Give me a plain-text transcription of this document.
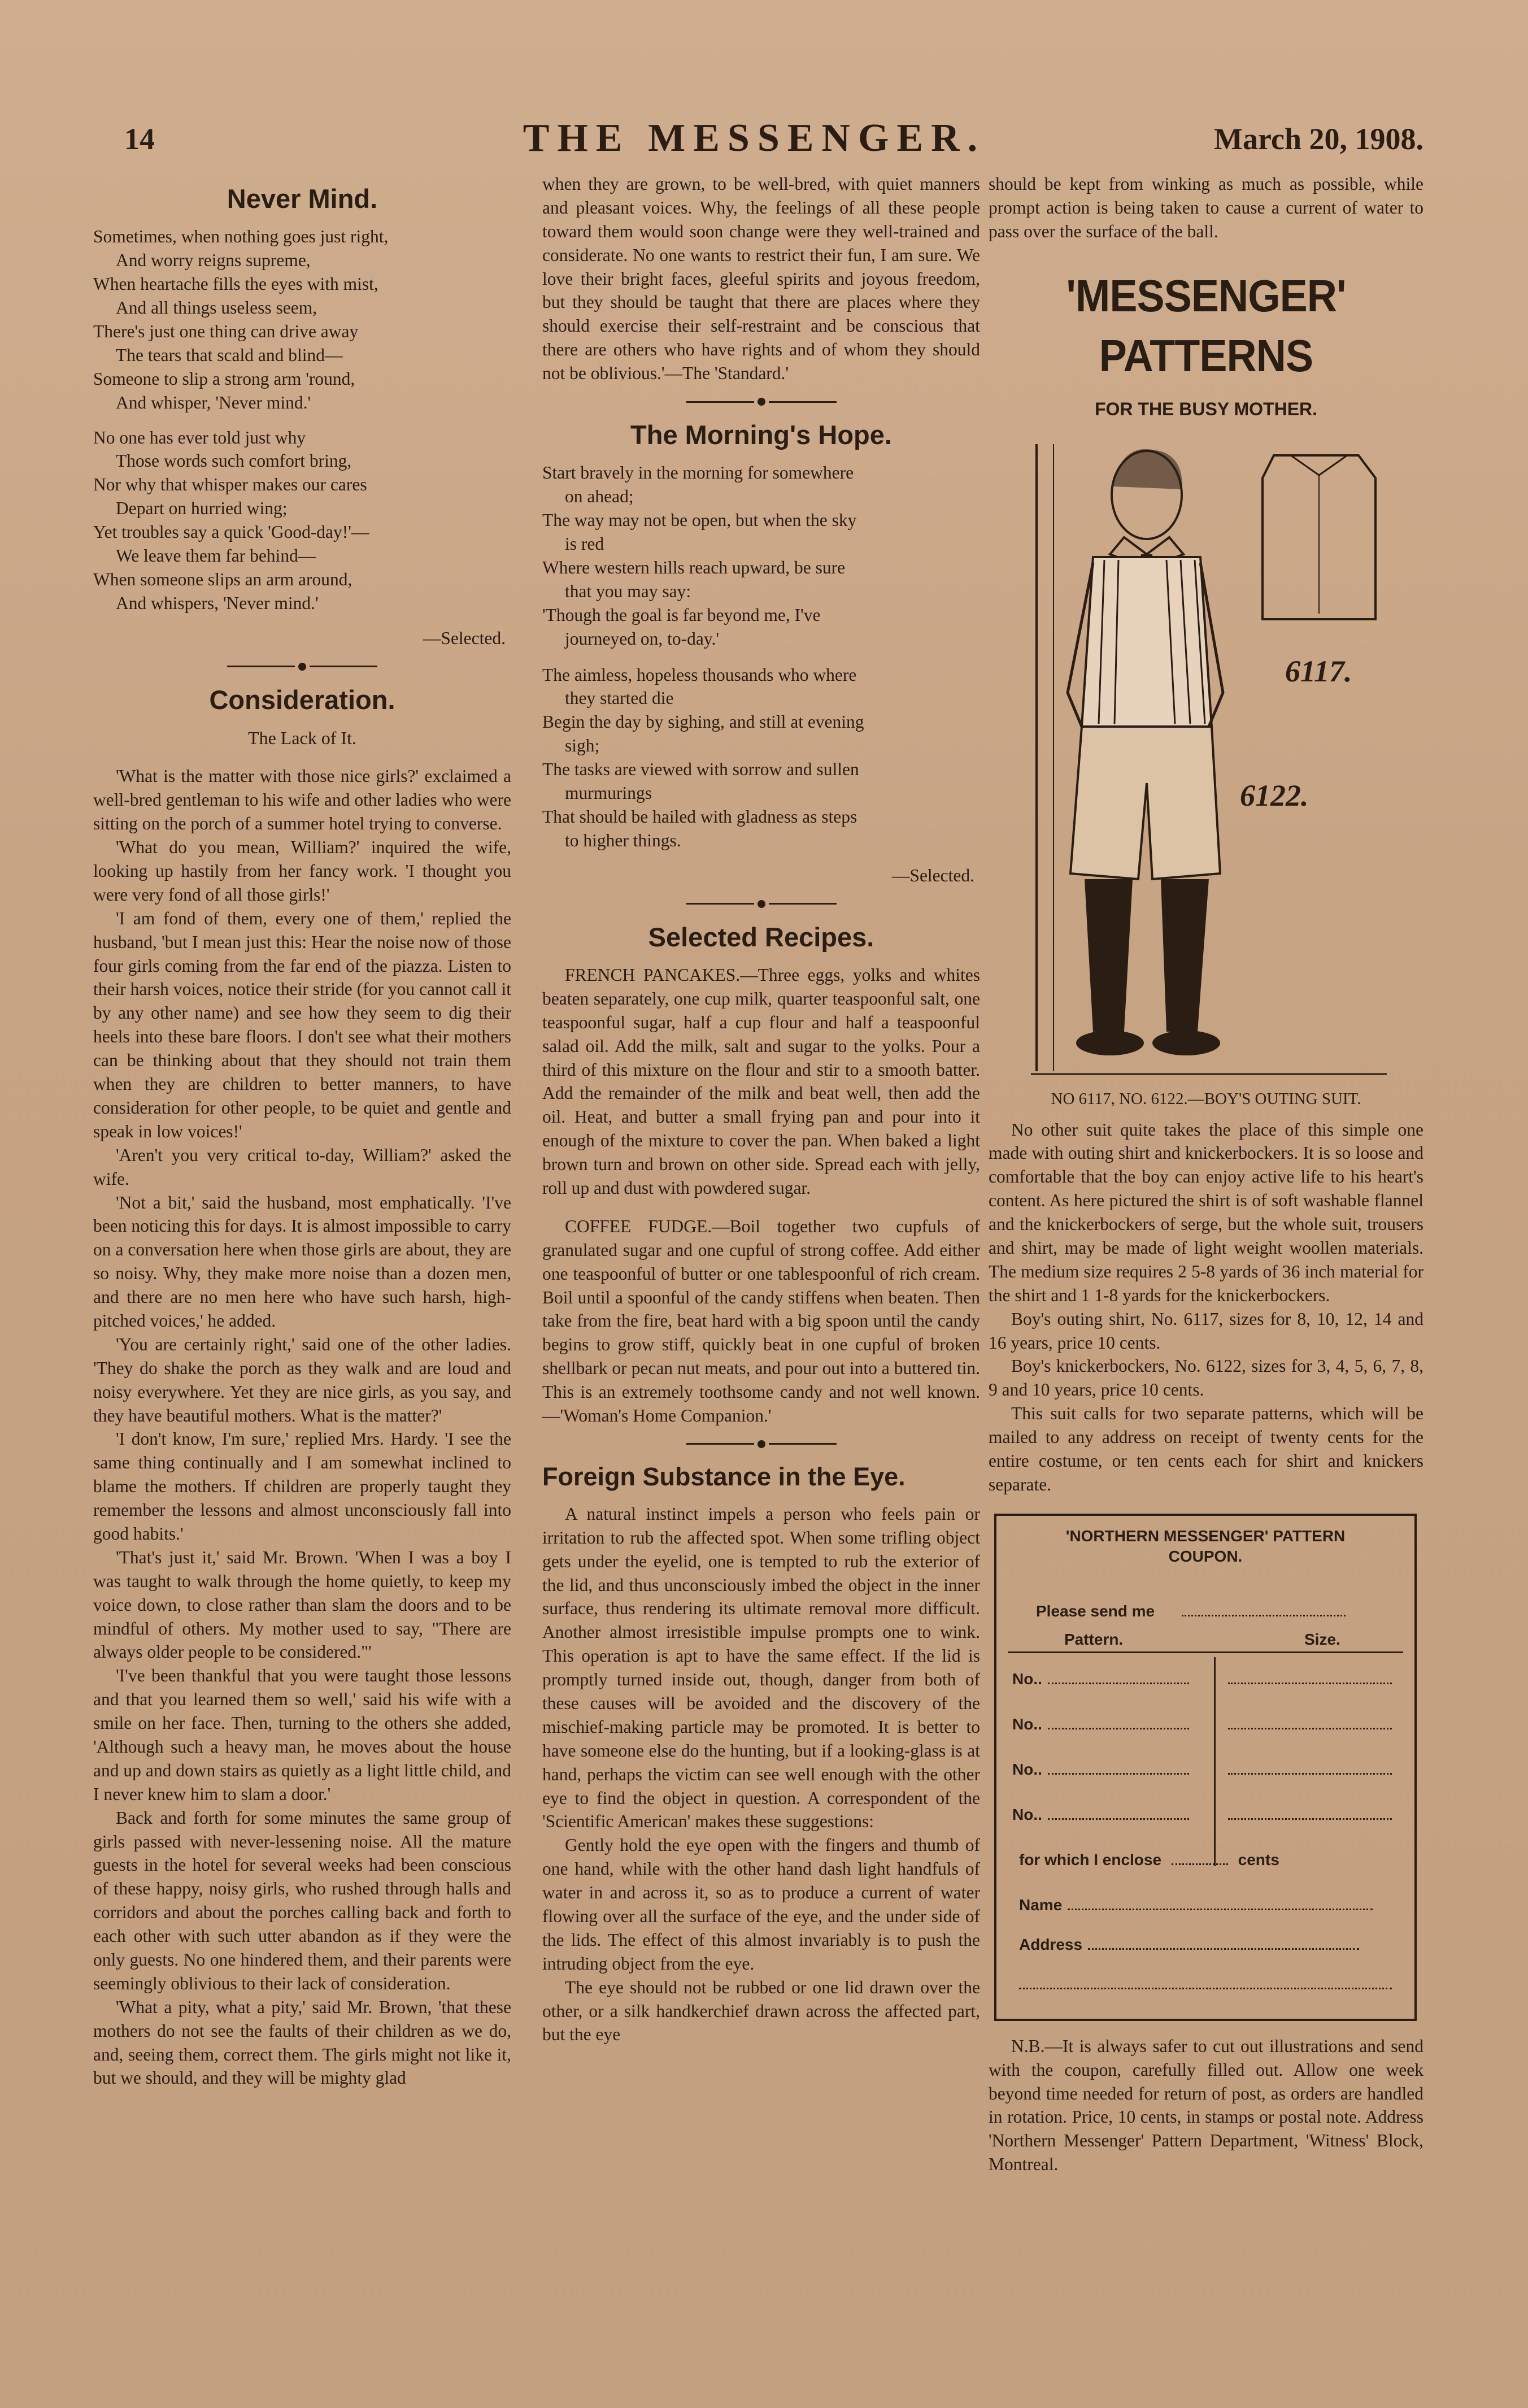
14	THE MESSENGER.	March 20, 1908.
Never Mind.
Sometimes, when nothing goes just right,
And worry reigns supreme,
When heartache fills the eyes with mist,
And all things useless seem,
There's just one thing can drive away
The tears that scald and blind—
Someone to slip a strong arm 'round,
And whisper, 'Never mind.'
No one has ever told just why
Those words such comfort bring,
Nor why that whisper makes our cares
Depart on hurried wing;
Yet troubles say a quick 'Good-day!'—
We leave them far behind—
When someone slips an arm around,
And whispers, 'Never mind.'
—Selected.
Consideration.
The Lack of It.

'What is the matter with those nice girls?' exclaimed a well-bred gentleman to his wife and other ladies who were sitting on the porch of a summer hotel trying to converse.

'What do you mean, William?' inquired the wife, looking up hastily from her fancy work. 'I thought you were very fond of all those girls!'

'I am fond of them, every one of them,' replied the husband, 'but I mean just this: Hear the noise now of those four girls coming from the far end of the piazza. Listen to their harsh voices, notice their stride (for you cannot call it by any other name) and see how they seem to dig their heels into these bare floors. I don't see what their mothers can be thinking about that they should not train them when they are children to better manners, to have consideration for other people, to be quiet and gentle and speak in low voices!'

'Aren't you very critical to-day, William?' asked the wife.

'Not a bit,' said the husband, most emphatically. 'I've been noticing this for days. It is almost impossible to carry on a conversation here when those girls are about, they are so noisy. Why, they make more noise than a dozen men, and there are no men here who have such harsh, high-pitched voices,' he added.

'You are certainly right,' said one of the other ladies. 'They do shake the porch as they walk and are loud and noisy everywhere. Yet they are nice girls, as you say, and they have beautiful mothers. What is the matter?'

'I don't know, I'm sure,' replied Mrs. Hardy. 'I see the same thing continually and I am somewhat inclined to blame the mothers. If children are properly taught they remember the lessons and almost unconsciously fall into good habits.'

'That's just it,' said Mr. Brown. 'When I was a boy I was taught to walk through the home quietly, to keep my voice down, to close rather than slam the doors and to be mindful of others. My mother used to say, "There are always older people to be considered."'

'I've been thankful that you were taught those lessons and that you learned them so well,' said his wife with a smile on her face. Then, turning to the others she added, 'Although such a heavy man, he moves about the house and up and down stairs as quietly as a light little child, and I never knew him to slam a door.'

Back and forth for some minutes the same group of girls passed with never-lessening noise. All the mature guests in the hotel for several weeks had been conscious of these happy, noisy girls, who rushed through halls and corridors and about the porches calling back and forth to each other with such utter abandon as if they were the only guests. No one hindered them, and their parents were seemingly oblivious to their lack of consideration.

'What a pity, what a pity,' said Mr. Brown, 'that these mothers do not see the faults of their children as we do, and, seeing them, correct them. The girls might not like it, but we should, and they will be mighty glad

when they are grown, to be well-bred, with quiet manners and pleasant voices. Why, the feelings of all these people toward them would soon change were they well-trained and considerate. No one wants to restrict their fun, I am sure. We love their bright faces, gleeful spirits and joyous freedom, but they should be taught that there are places where they should exercise their self-restraint and be conscious that there are others who have rights and of whom they should not be oblivious.'—The 'Standard.'

The Morning's Hope.
Start bravely in the morning for somewhere
on ahead;
The way may not be open, but when the sky
is red
Where western hills reach upward, be sure
that you may say:
'Though the goal is far beyond me, I've
journeyed on, to-day.'
The aimless, hopeless thousands who where
they started die
Begin the day by sighing, and still at evening
sigh;
The tasks are viewed with sorrow and sullen
murmurings
That should be hailed with gladness as steps
to higher things.
—Selected.
Selected Recipes.

FRENCH PANCAKES.—Three eggs, yolks and whites beaten separately, one cup milk, quarter teaspoonful salt, one teaspoonful sugar, half a cup flour and half a teaspoonful salad oil. Add the milk, salt and sugar to the yolks. Pour a third of this mixture on the flour and stir to a smooth batter. Add the remainder of the milk and beat well, then add the oil. Heat, and butter a small frying pan and pour into it enough of the mixture to cover the pan. When baked a light brown turn and brown on other side. Spread each with jelly, roll up and dust with powdered sugar.

COFFEE FUDGE.—Boil together two cupfuls of granulated sugar and one cupful of strong coffee. Add either one teaspoonful of butter or one tablespoonful of rich cream. Boil until a spoonful of the candy stiffens when beaten. Then take from the fire, beat hard with a big spoon until the candy begins to grow stiff, quickly beat in one cupful of broken shellbark or pecan nut meats, and pour out into a buttered tin. This is an extremely toothsome candy and not well known.—'Woman's Home Companion.'

Foreign Substance in the Eye.

A natural instinct impels a person who feels pain or irritation to rub the affected spot. When some trifling object gets under the eyelid, one is tempted to rub the exterior of the lid, and thus unconsciously imbed the object in the inner surface, thus rendering its ultimate removal more difficult. Another almost irresistible impulse prompts one to wink. This operation is apt to have the same effect. If the lid is promptly turned inside out, though, danger from both of these causes will be avoided and the discovery of the mischief-making particle may be promoted. It is better to have someone else do the hunting, but if a looking-glass is at hand, perhaps the victim can see well enough with the other eye to find the object in question. A correspondent of the 'Scientific American' makes these suggestions:

Gently hold the eye open with the fingers and thumb of one hand, while with the other hand dash light handfuls of water in and across it, so as to produce a current of water flowing over all the surface of the eye, and the under side of the lids. The effect of this almost invariably is to push the intruding object from the eye.

The eye should not be rubbed or one lid drawn over the other, or a silk handkerchief drawn across the affected part, but the eye

should be kept from winking as much as possible, while prompt action is being taken to cause a current of water to pass over the surface of the ball.

'MESSENGER' PATTERNS
FOR THE BUSY MOTHER.
6117.
6122.
NO 6117, NO. 6122.—BOY'S OUTING SUIT.

No other suit quite takes the place of this simple one made with outing shirt and knickerbockers. It is so loose and comfortable that the boy can enjoy active life to his heart's content. As here pictured the shirt is of soft washable flannel and the knickerbockers of serge, but the whole suit, trousers and shirt, may be made of light weight woollen materials. The medium size requires 2 5-8 yards of 36 inch material for the shirt and 1 1-8 yards for the knickerbockers.

Boy's outing shirt, No. 6117, sizes for 8, 10, 12, 14 and 16 years, price 10 cents.

Boy's knickerbockers, No. 6122, sizes for 3, 4, 5, 6, 7, 8, 9 and 10 years, price 10 cents.

This suit calls for two separate patterns, which will be mailed to any address on receipt of twenty cents for the entire costume, or ten cents each for shirt and knickers separate.

'NORTHERN MESSENGER' PATTERN
COUPON.
Please send me
Pattern.	Size.
No..
No..
No..
No..
for which I enclose	cents
Name
Address

N.B.—It is always safer to cut out illustrations and send with the coupon, carefully filled out. Allow one week beyond time needed for return of post, as orders are handled in rotation. Price, 10 cents, in stamps or postal note. Address 'Northern Messenger' Pattern Department, 'Witness' Block, Montreal.
